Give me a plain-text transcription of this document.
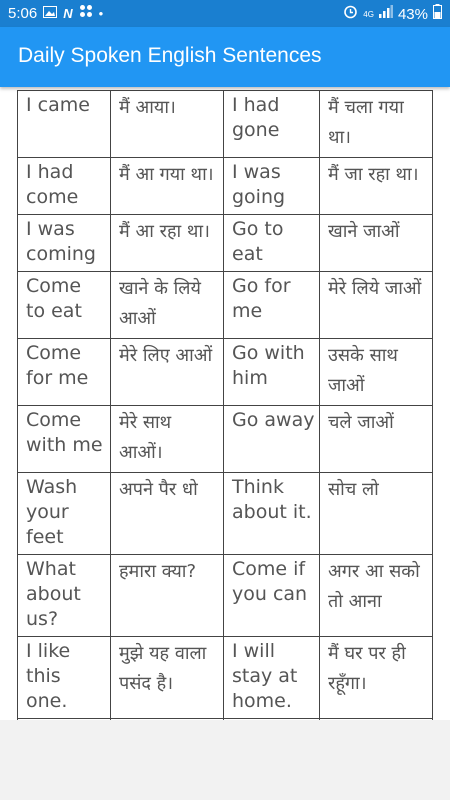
5:06 N •	4G 43%
Daily Spoken English Sentences
I came	मैं आया।	I had gone	मैं चला गया था।
I had come	मैं आ गया था।	I was going	मैं जा रहा था।
I was coming	मैं आ रहा था।	Go to eat	खाने जाओं
Come to eat	खाने के लिये आओं	Go for me	मेरे लिये जाओं
Come for me	मेरे लिए आओं	Go with him	उसके साथ जाओं
Come with me	मेरे साथ आओं।	Go away	चले जाओं
Wash your feet	अपने पैर धो	Think about it.	सोच लो
What about us?	हमारा क्या?	Come if you can	अगर आ सको तो आना
I like this one.	मुझे यह वाला पसंद है।	I will stay at home.	मैं घर पर ही रहूँगा।
